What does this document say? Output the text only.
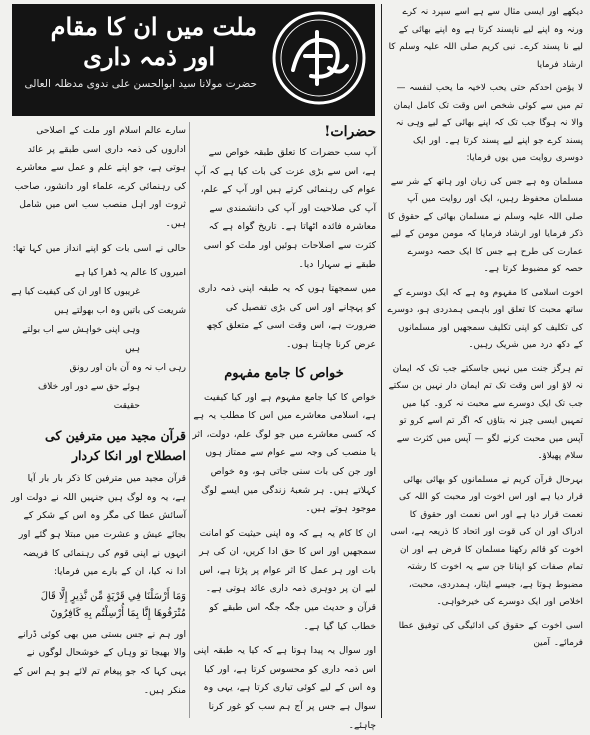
ملت میں ان کا مقام
اور ذمہ داری
حضرت مولانا سید ابوالحسن علی ندوی مدظلہ العالی

دیکھے اور ایسی مثال سے ہے اسے سپرد نہ کرے ورنہ وہ اپنے لیے ناپسند کرتا ہے وہ اپنے بھائی کے لیے نا پسند کرے۔ نبی کریم صلی اللہ علیہ وسلم کا ارشاد فرمایا

لا یؤمن احدکم حتی یحب لاخیہ ما یحب لنفسہ — تم میں سے کوئی شخص اس وقت تک کامل ایمان والا نہ ہوگا جب تک کہ اپنے بھائی کے لیے وہی نہ پسند کرے جو اپنے لیے پسند کرتا ہے۔ اور ایک دوسری روایت میں یوں فرمایا:

مسلمان وہ ہے جس کی زبان اور ہاتھ کے شر سے مسلمان محفوظ رہیں، ایک اور روایت میں آپ صلی اللہ علیہ وسلم نے مسلمان بھائی کے حقوق کا ذکر فرمایا اور ارشاد فرمایا کہ مومن مومن کے لیے عمارت کی طرح ہے جس کا ایک حصہ دوسرے حصہ کو مضبوط کرتا ہے۔

اخوت اسلامی کا مفہوم وہ ہے کہ ایک دوسرے کے ساتھ محبت کا تعلق اور باہمی ہمدردی ہو، دوسرے کی تکلیف کو اپنی تکلیف سمجھیں اور مسلمانوں کے دکھ درد میں شریک رہیں۔

تم ہرگز جنت میں نہیں جاسکتے جب تک کہ ایمان نہ لاؤ اور اس وقت تک تم ایمان دار نہیں بن سکتے جب تک ایک دوسرے سے محبت نہ کرو۔ کیا میں تمہیں ایسی چیز نہ بتاؤں کہ اگر تم اسے کرو تو آپس میں محبت کرنے لگو — آپس میں کثرت سے سلام پھیلاؤ۔

بہرحال قرآن کریم نے مسلمانوں کو بھائی بھائی قرار دیا ہے اور اس اخوت اور محبت کو اللہ کی نعمت قرار دیا ہے اور اس نعمت اور حقوق کا ادراک اور ان کی قوت اور اتحاد کا ذریعہ ہے، اسی اخوت کو قائم رکھنا مسلمان کا فرض ہے اور ان تمام صفات کو اپنانا جن سے یہ اخوت کا رشتہ مضبوط ہوتا ہے، جیسے ایثار، ہمدردی، محبت، اخلاص اور ایک دوسرے کی خیرخواہی۔

اسی اخوت کے حقوق کی ادائیگی کی توفیق عطا فرمائے۔ آمین

حضرات!

آپ سب حضرات کا تعلق طبقہ خواص سے ہے، اس سے بڑی عزت کی بات کیا ہے کہ آپ عوام کی رہنمائی کرتے ہیں اور آپ کے علم، آپ کی صلاحیت اور آپ کی دانشمندی سے معاشرہ فائدہ اٹھاتا ہے۔ تاریخ گواہ ہے کہ کثرت سے اصلاحات ہوئیں اور ملت کو اسی طبقے نے سہارا دیا۔

میں سمجھتا ہوں کہ یہ طبقہ اپنی ذمہ داری کو پہچانے اور اس کی بڑی تفصیل کی ضرورت ہے، اس وقت اسی کے متعلق کچھ عرض کرنا چاہتا ہوں۔

خواص کا جامع مفہوم

خواص کا کیا جامع مفہوم ہے اور کیا کیفیت ہے، اسلامی معاشرے میں اس کا مطلب یہ ہے کہ کسی معاشرے میں جو لوگ علم، دولت، اثر یا منصب کی وجہ سے عوام سے ممتاز ہوں اور جن کی بات سنی جاتی ہو، وہ خواص کہلاتے ہیں۔ ہر شعبۂ زندگی میں ایسے لوگ موجود ہوتے ہیں۔

ان کا کام یہ ہے کہ وہ اپنی حیثیت کو امانت سمجھیں اور اس کا حق ادا کریں، ان کی ہر بات اور ہر عمل کا اثر عوام پر پڑتا ہے، اس لیے ان پر دوہری ذمہ داری عائد ہوتی ہے۔ قرآن و حدیث میں جگہ جگہ اس طبقے کو خطاب کیا گیا ہے۔

اور سوال یہ پیدا ہوتا ہے کہ کیا یہ طبقہ اپنی اس ذمہ داری کو محسوس کرتا ہے، اور کیا وہ اس کے لیے کوئی تیاری کرتا ہے، یہی وہ سوال ہے جس پر آج ہم سب کو غور کرنا چاہئے۔

سارے عالم اسلام اور ملت کے اصلاحی اداروں کی ذمہ داری اسی طبقے پر عائد ہوتی ہے، جو اپنے علم و عمل سے معاشرے کی رہنمائی کرے، علماء اور دانشور، صاحب ثروت اور اہل منصب سب اس میں شامل ہیں۔

حالی نے اسی بات کو اپنے انداز میں کہا تھا:

امیروں کا عالم یہ ڈھرا کیا ہے
غریبوں کا اور ان کی کیفیت کیا ہے
شریعت کی باتیں وہ اب بھولتے ہیں
وہی اپنی خواہش سے اب بولتے ہیں
رہی اب نہ وہ آن بان اور رونق
ہوئے حق سے دور اور خلاف حقیقت
قرآن مجید میں مترفین کی اصطلاح اور انکا کردار

قرآن مجید میں مترفین کا ذکر بار بار آیا ہے، یہ وہ لوگ ہیں جنہیں اللہ نے دولت اور آسائش عطا کی مگر وہ اس کے شکر کے بجائے عیش و عشرت میں مبتلا ہو گئے اور انہوں نے اپنی قوم کی رہنمائی کا فریضہ ادا نہ کیا، ان کے بارے میں فرمایا:

وَمَا أَرْسَلْنَا فِي قَرْيَةٍ مِّن نَّذِيرٍ إِلَّا قَالَ مُتْرَفُوهَا إِنَّا بِمَا أُرْسِلْتُم بِهِ كَافِرُونَ

اور ہم نے جس بستی میں بھی کوئی ڈرانے والا بھیجا تو وہاں کے خوشحال لوگوں نے یہی کہا کہ جو پیغام تم لائے ہو ہم اس کے منکر ہیں۔
